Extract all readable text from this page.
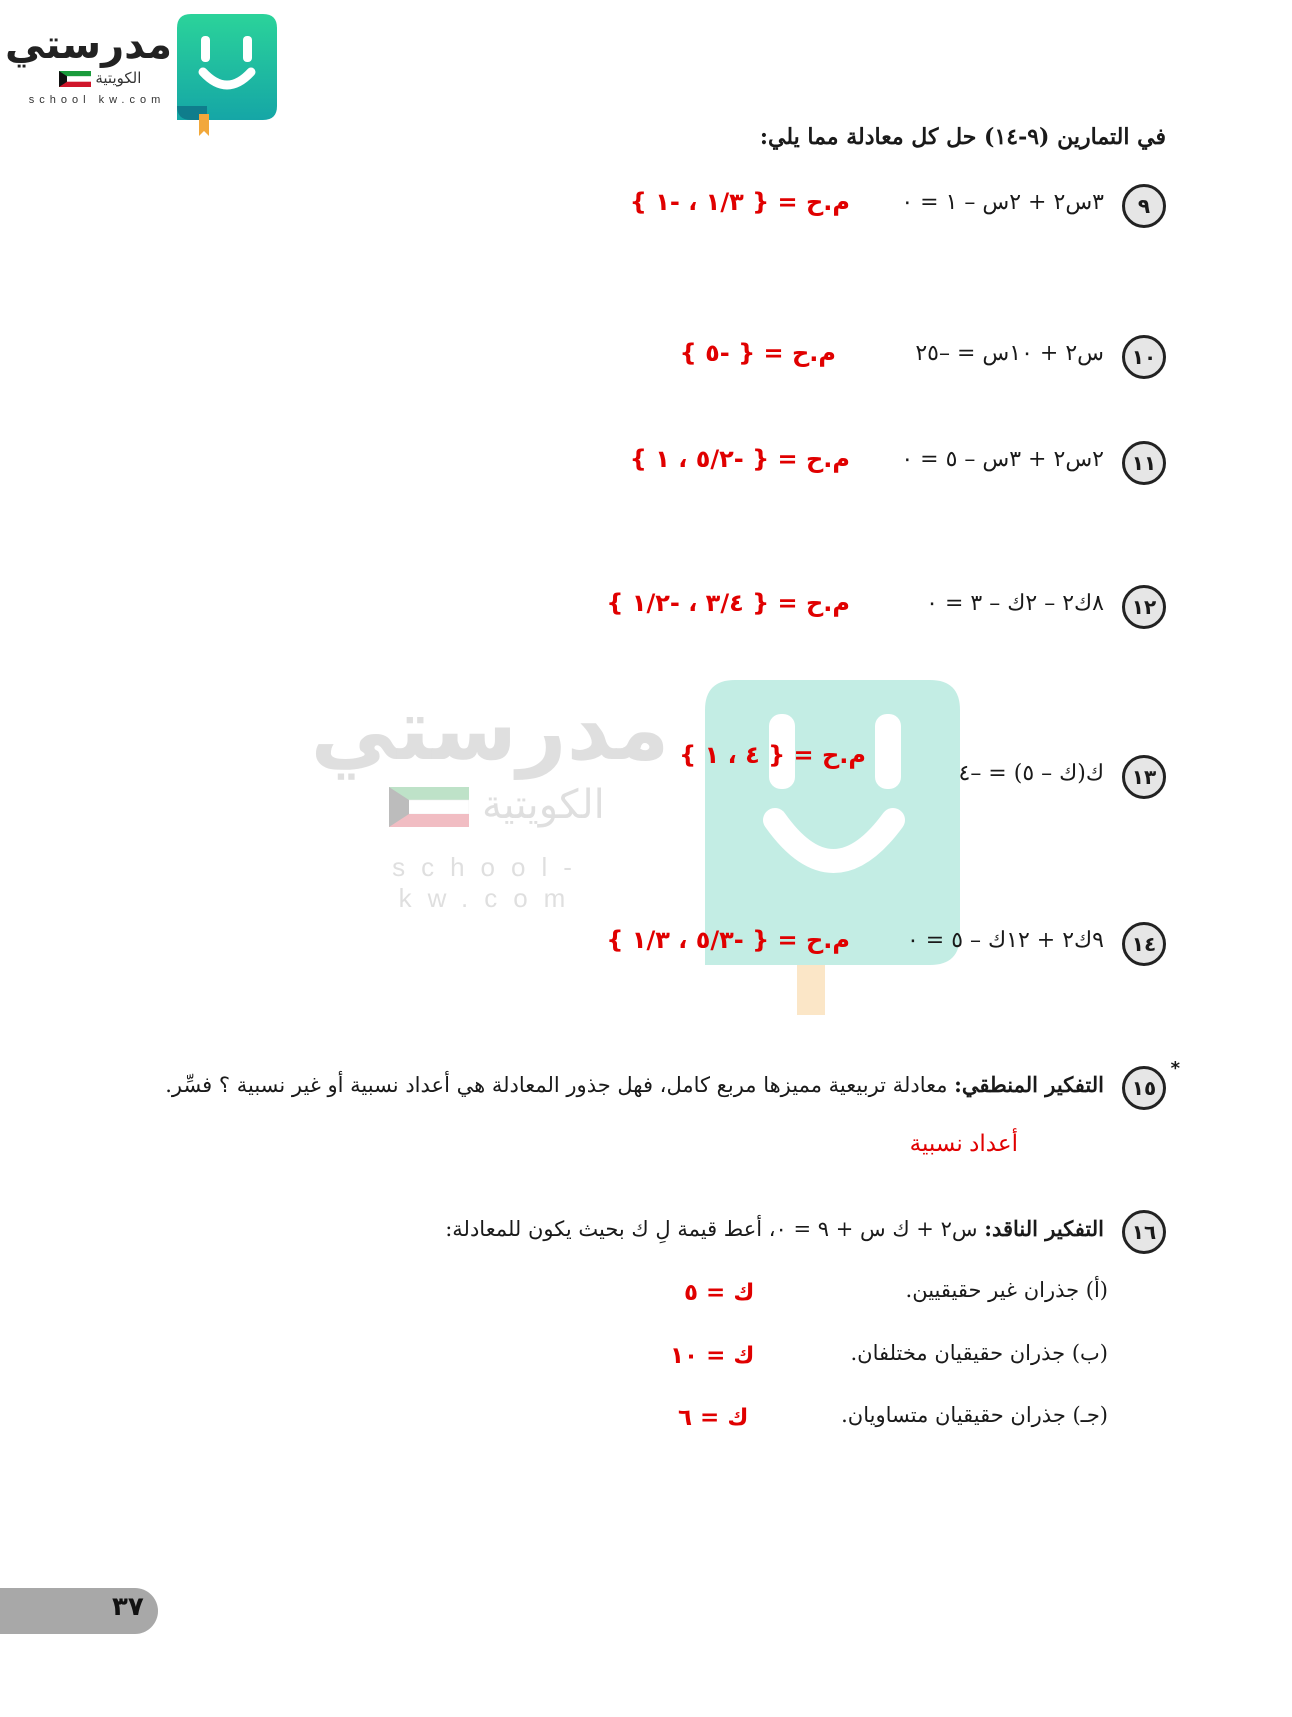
مدرستي
الكويتية
school kw.com
مدرستي
الكويتية
school-kw.com
في التمارين (٩-١٤) حل كل معادلة مما يلي:
٩
٣س٢ + ٢س – ١ = ٠
م.ح = { ١/٣ ، -١ }
١٠
س٢ + ١٠س = –٢٥
م.ح = { -٥ }
١١
٢س٢ + ٣س – ٥ = ٠
م.ح = { -٥/٢ ، ١ }
١٢
٨ك٢ – ٢ك – ٣ = ٠
م.ح = { ٣/٤ ، -١/٢ }
١٣
ك(ك – ٥) = –٤
م.ح = { ٤ ، ١ }
١٤
٩ك٢ + ١٢ك – ٥ = ٠
م.ح = { -٥/٣ ، ١/٣ }
*
١٥
التفكير المنطقي: معادلة تربيعية مميزها مربع كامل، فهل جذور المعادلة هي أعداد نسبية أو غير نسبية ؟ فسِّر.
أعداد نسبية
١٦
التفكير الناقد: س٢ + ك س + ٩ = ٠، أعط قيمة لِ ك بحيث يكون للمعادلة:
(أ) جذران غير حقيقيين.
ك = ٥
(ب) جذران حقيقيان مختلفان.
ك = ١٠
(جـ) جذران حقيقيان متساويان.
ك = ٦
٣٧
